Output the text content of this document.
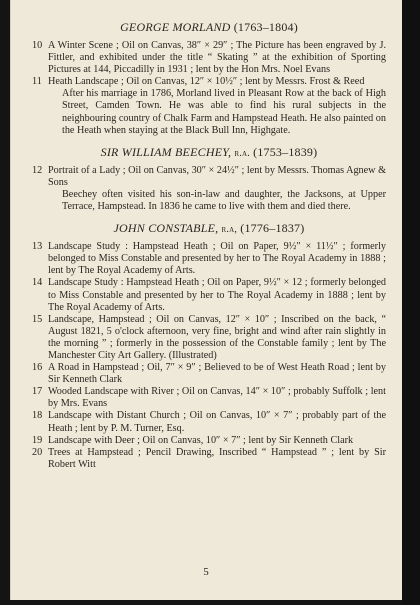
GEORGE MORLAND (1763–1804)
10 A Winter Scene ; Oil on Canvas, 38″ × 29″ ; The Picture has been engraved by J. Fittler, and exhibited under the title “ Skating ” at the exhibition of Sporting Pictures at 144, Piccadilly in 1931 ; lent by the Hon Mrs. Noel Evans
11 Heath Landscape ; Oil on Canvas, 12″ × 10½″ ; lent by Messrs. Frost & Reed
After his marriage in 1786, Morland lived in Pleasant Row at the back of High Street, Camden Town. He was able to find his rural subjects in the neighbouring country of Chalk Farm and Hampstead Heath. He also painted on the Heath when staying at the Black Bull Inn, Highgate.
SIR WILLIAM BEECHEY, r.a. (1753–1839)
12 Portrait of a Lady ; Oil on Canvas, 30″ × 24½″ ; lent by Messrs. Thomas Agnew & Sons
Beechey often visited his son-in-law and daughter, the Jacksons, at Upper Terrace, Hampstead. In 1836 he came to live with them and died there.
JOHN CONSTABLE, r.a, (1776–1837)
13 Landscape Study : Hampstead Heath ; Oil on Paper, 9½″ × 11½″ ; formerly belonged to Miss Constable and presented by her to The Royal Academy in 1888 ; lent by The Royal Academy of Arts.
14 Landscape Study : Hampstead Heath ; Oil on Paper, 9½″ × 12 ; formerly belonged to Miss Constable and presented by her to The Royal Academy in 1888 ; lent by The Royal Academy of Arts.
15 Landscape, Hampstead ; Oil on Canvas, 12″ × 10″ ; Inscribed on the back, “ August 1821, 5 o'clock afternoon, very fine, bright and wind after rain slightly in the morning ” ; formerly in the possession of the Constable family ; lent by The Manchester City Art Gallery. (Illustrated)
16 A Road in Hampstead ; Oil, 7″ × 9″ ; Believed to be of West Heath Road ; lent by Sir Kenneth Clark
17 Wooded Landscape with River ; Oil on Canvas, 14″ × 10″ ; probably Suffolk ; lent by Mrs. Evans
18 Landscape with Distant Church ; Oil on Canvas, 10″ × 7″ ; probably part of the Heath ; lent by P. M. Turner, Esq.
19 Landscape with Deer ; Oil on Canvas, 10″ × 7″ ; lent by Sir Kenneth Clark
20 Trees at Hampstead ; Pencil Drawing, Inscribed “ Hampstead ” ; lent by Sir Robert Witt
5
